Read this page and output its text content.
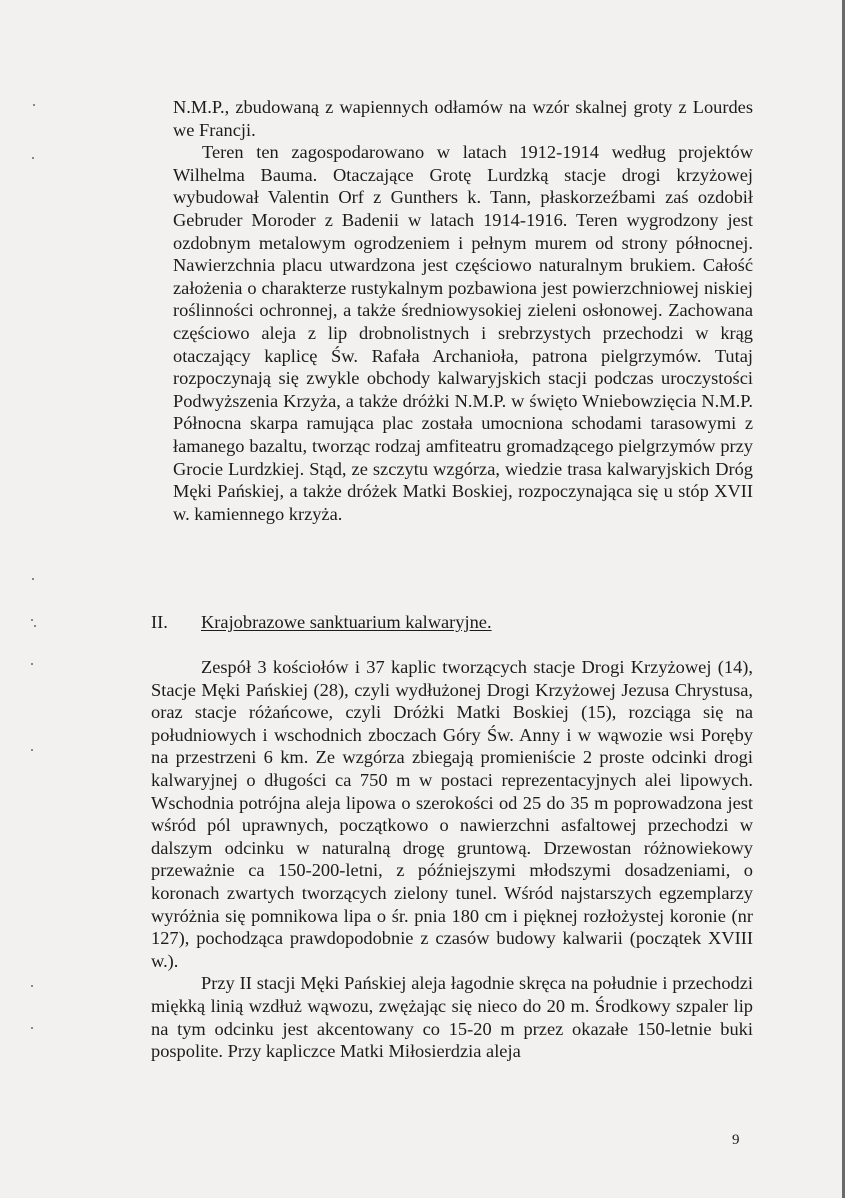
N.M.P., zbudowaną z wapiennych odłamów na wzór skalnej groty z Lourdes we Francji.

Teren ten zagospodarowano w latach 1912-1914 według projektów Wilhelma Bauma. Otaczające Grotę Lurdzką stacje drogi krzyżowej wybudował Valentin Orf z Gunthers k. Tann, płaskorzeźbami zaś ozdobił Gebruder Moroder z Badenii w latach 1914-1916. Teren wygrodzony jest ozdobnym metalowym ogrodzeniem i pełnym murem od strony północnej. Nawierzchnia placu utwardzona jest częściowo naturalnym brukiem. Całość założenia o charakterze rustykalnym pozbawiona jest powierzchniowej niskiej roślinności ochronnej, a także średniowysokiej zieleni osłonowej. Zachowana częściowo aleja z lip drobnolistnych i srebrzystych przechodzi w krąg otaczający kaplicę Św. Rafała Archanioła, patrona pielgrzymów. Tutaj rozpoczynają się zwykle obchody kalwaryjskich stacji podczas uroczystości Podwyższenia Krzyża, a także dróżki N.M.P. w święto Wniebowzięcia N.M.P. Północna skarpa ramująca plac została umocniona schodami tarasowymi z łamanego bazaltu, tworząc rodzaj amfiteatru gromadzącego pielgrzymów przy Grocie Lurdzkiej. Stąd, ze szczytu wzgórza, wiedzie trasa kalwaryjskich Dróg Męki Pańskiej, a także dróżek Matki Boskiej, rozpoczynająca się u stóp XVII w. kamiennego krzyża.

II. Krajobrazowe sanktuarium kalwaryjne.

Zespół 3 kościołów i 37 kaplic tworzących stacje Drogi Krzyżowej (14), Stacje Męki Pańskiej (28), czyli wydłużonej Drogi Krzyżowej Jezusa Chrystusa, oraz stacje różańcowe, czyli Dróżki Matki Boskiej (15), rozciąga się na południowych i wschodnich zboczach Góry Św. Anny i w wąwozie wsi Poręby na przestrzeni 6 km. Ze wzgórza zbiegają promieniście 2 proste odcinki drogi kalwaryjnej o długości ca 750 m w postaci reprezentacyjnych alei lipowych. Wschodnia potrójna aleja lipowa o szerokości od 25 do 35 m poprowadzona jest wśród pól uprawnych, początkowo o nawierzchni asfaltowej przechodzi w dalszym odcinku w naturalną drogę gruntową. Drzewostan różnowiekowy przeważnie ca 150-200-letni, z późniejszymi młodszymi dosadzeniami, o koronach zwartych tworzących zielony tunel. Wśród najstarszych egzemplarzy wyróżnia się pomnikowa lipa o śr. pnia 180 cm i pięknej rozłożystej koronie (nr 127), pochodząca prawdopodobnie z czasów budowy kalwarii (początek XVIII w.).

Przy II stacji Męki Pańskiej aleja łagodnie skręca na południe i przechodzi miękką linią wzdłuż wąwozu, zwężając się nieco do 20 m. Środkowy szpaler lip na tym odcinku jest akcentowany co 15-20 m przez okazałe 150-letnie buki pospolite. Przy kapliczce Matki Miłosierdzia aleja

9
